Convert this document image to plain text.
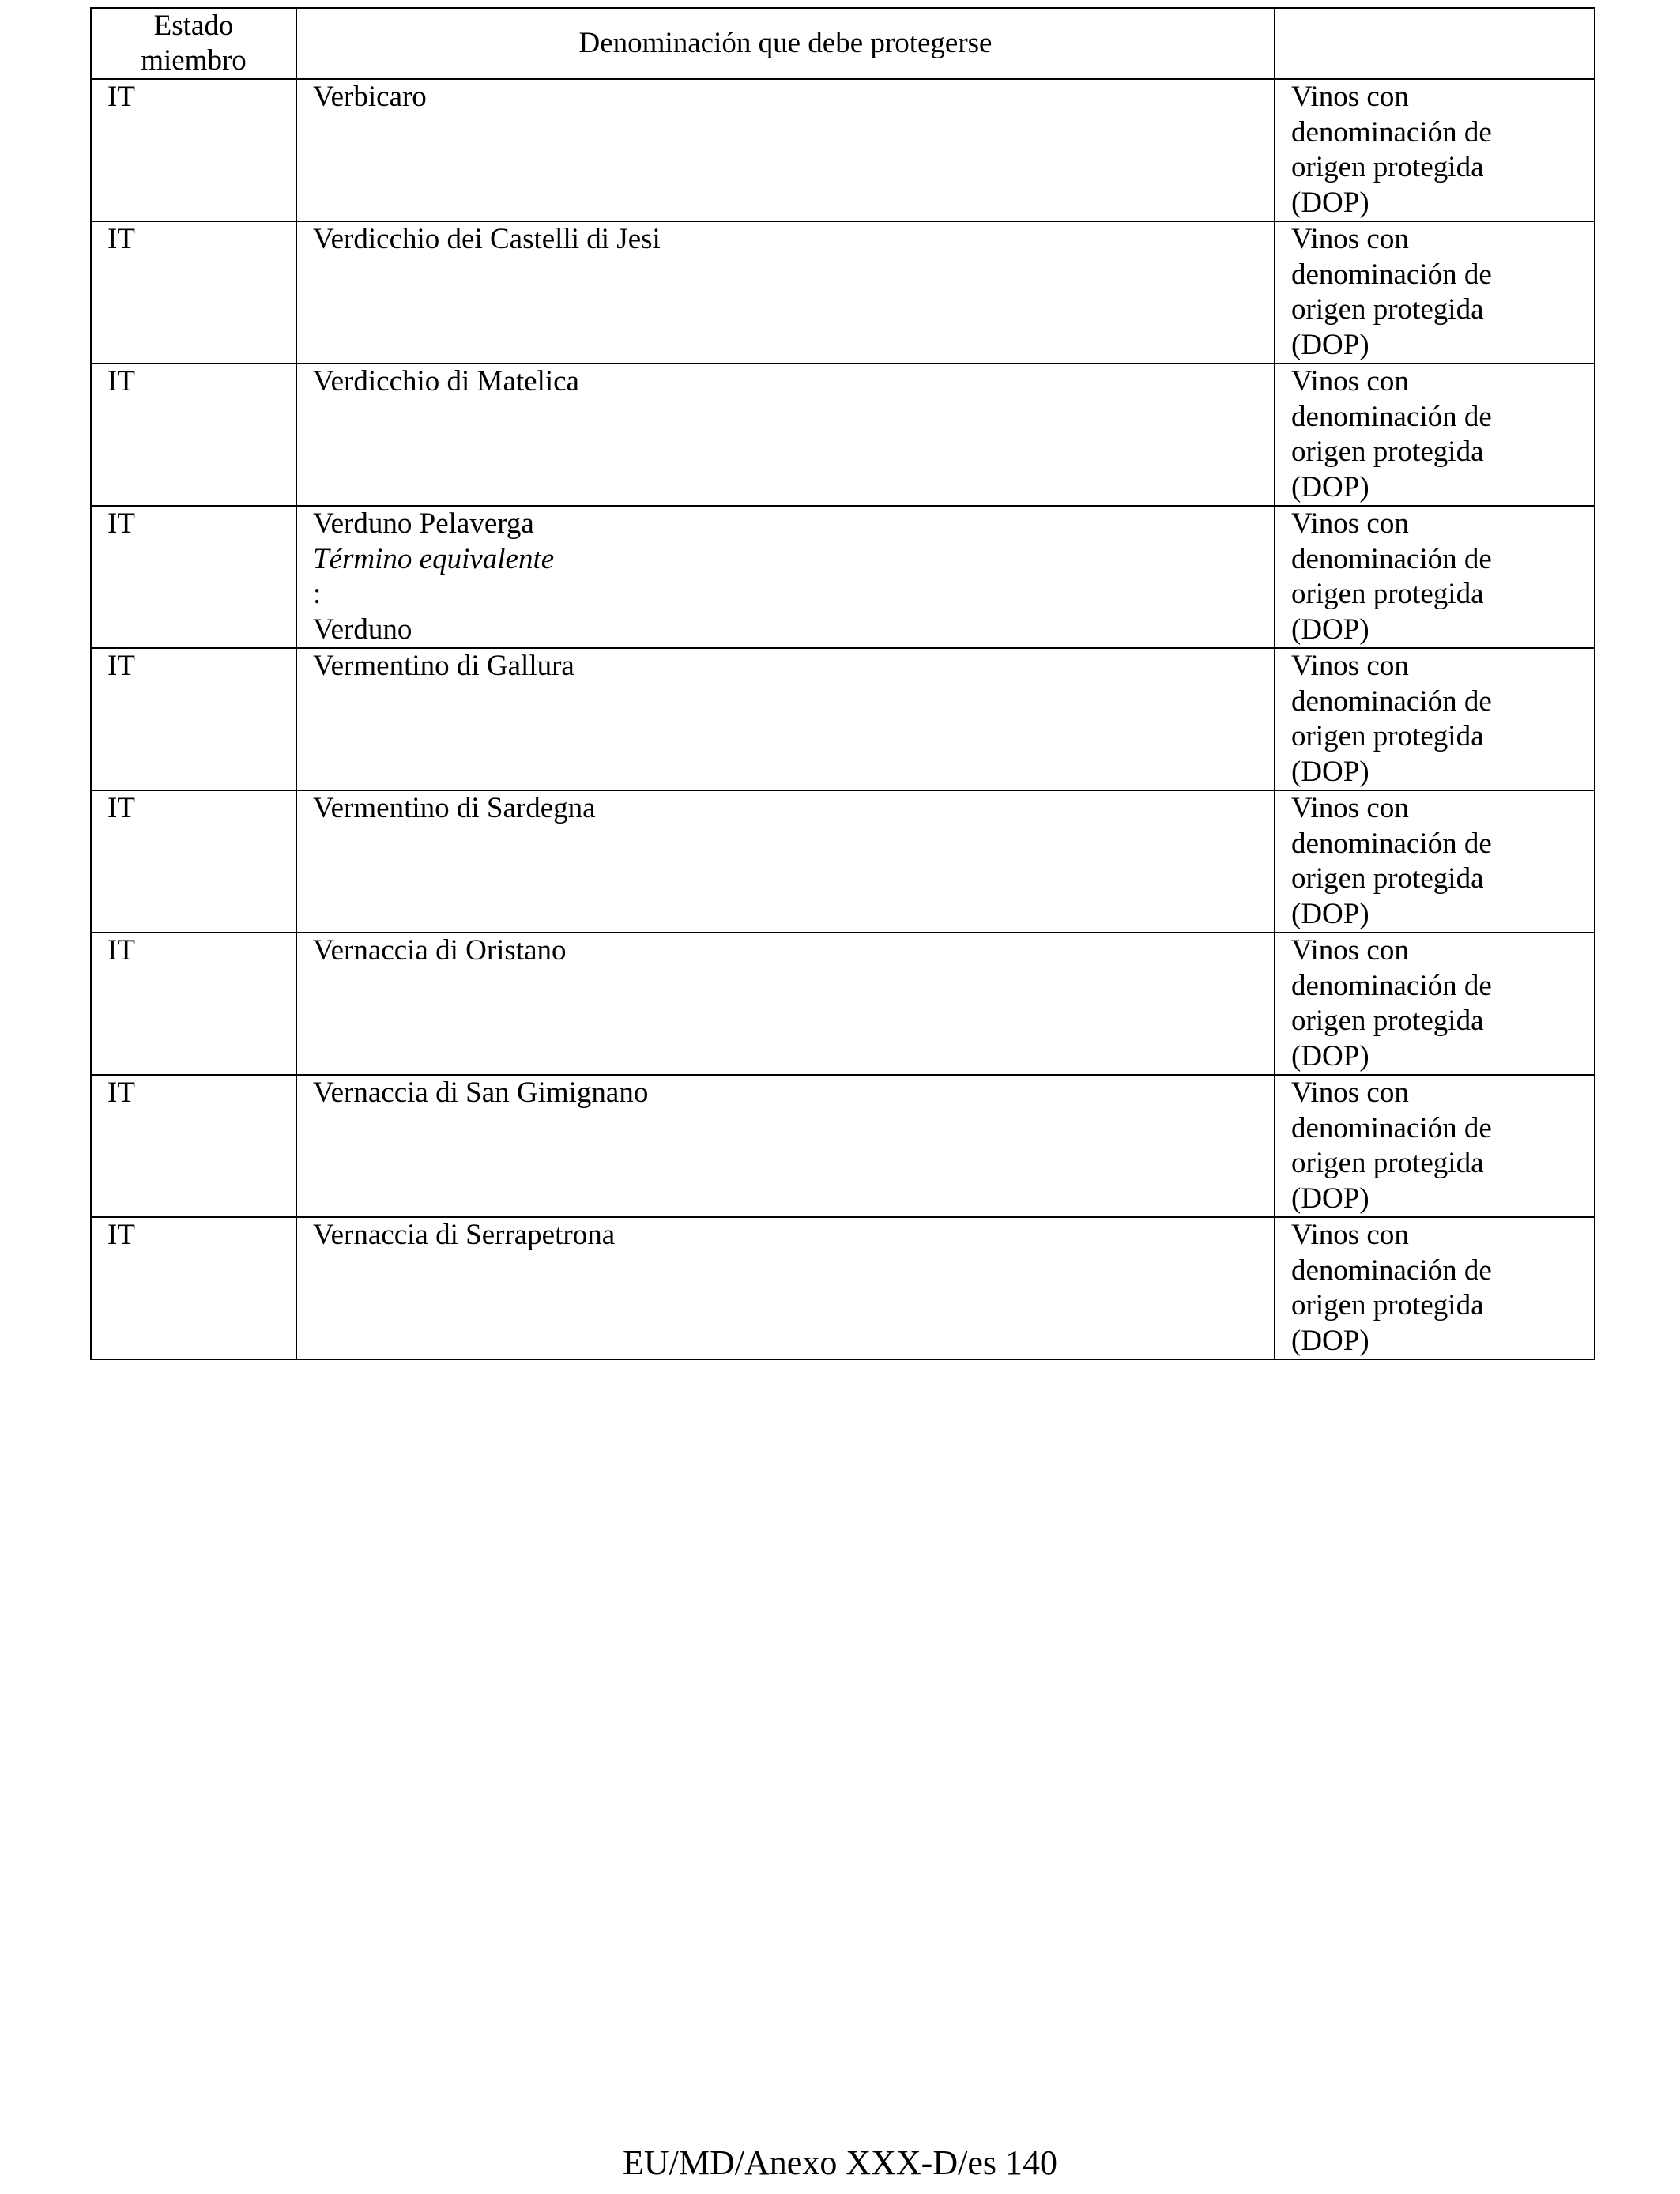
Estado
miembro	Denominación que debe protegerse	
IT	Verbicaro	Vinos con
denominación de
origen protegida
(DOP)

IT	Verdicchio dei Castelli di Jesi	Vinos con
denominación de
origen protegida
(DOP)

IT	Verdicchio di Matelica	Vinos con
denominación de
origen protegida
(DOP)

IT	Verduno Pelaverga
Término equivalente
:
Verduno	Vinos con
denominación de
origen protegida
(DOP)

IT	Vermentino di Gallura	Vinos con
denominación de
origen protegida
(DOP)

IT	Vermentino di Sardegna	Vinos con
denominación de
origen protegida
(DOP)

IT	Vernaccia di Oristano	Vinos con
denominación de
origen protegida
(DOP)

IT	Vernaccia di San Gimignano	Vinos con
denominación de
origen protegida
(DOP)

IT	Vernaccia di Serrapetrona	Vinos con
denominación de
origen protegida
(DOP)
EU/MD/Anexo XXX-D/es 140
